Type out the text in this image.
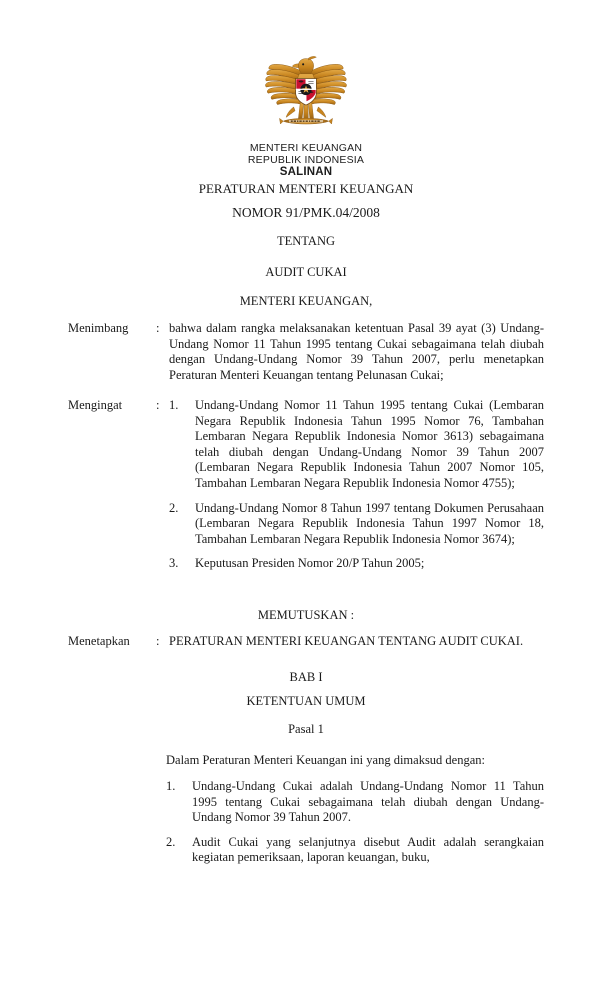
MENTERI KEUANGAN
REPUBLIK INDONESIA
SALINAN
PERATURAN MENTERI KEUANGAN
NOMOR 91/PMK.04/2008
TENTANG
AUDIT CUKAI
MENTERI KEUANGAN,
Menimbang	: bahwa dalam rangka melaksanakan ketentuan Pasal 39 ayat (3) Undang-Undang Nomor 11 Tahun 1995 tentang Cukai sebagaimana telah diubah dengan Undang-Undang Nomor 39 Tahun 2007, perlu menetapkan Peraturan Menteri Keuangan tentang Pelunasan Cukai;
Mengingat	: 1.	Undang-Undang Nomor 11 Tahun 1995 tentang Cukai (Lembaran Negara Republik Indonesia Tahun 1995 Nomor 76, Tambahan Lembaran Negara Republik Indonesia Nomor 3613) sebagaimana telah diubah dengan Undang-Undang Nomor 39 Tahun 2007 (Lembaran Negara Republik Indonesia Tahun 2007 Nomor 105, Tambahan Lembaran Negara Republik Indonesia Nomor 4755);
2.	Undang-Undang Nomor 8 Tahun 1997 tentang Dokumen Perusahaan (Lembaran Negara Republik Indonesia Tahun 1997 Nomor 18, Tambahan Lembaran Negara Republik Indonesia Nomor 3674);
3.	Keputusan Presiden Nomor 20/P Tahun 2005;
MEMUTUSKAN :
Menetapkan	: PERATURAN MENTERI KEUANGAN TENTANG AUDIT CUKAI.
BAB I
KETENTUAN UMUM
Pasal 1
Dalam Peraturan Menteri Keuangan ini yang dimaksud dengan:
1.	Undang-Undang Cukai adalah Undang-Undang Nomor 11 Tahun 1995 tentang Cukai sebagaimana telah diubah dengan Undang-Undang Nomor 39 Tahun 2007.
2.	Audit Cukai yang selanjutnya disebut Audit adalah serangkaian kegiatan pemeriksaan, laporan keuangan, buku,
